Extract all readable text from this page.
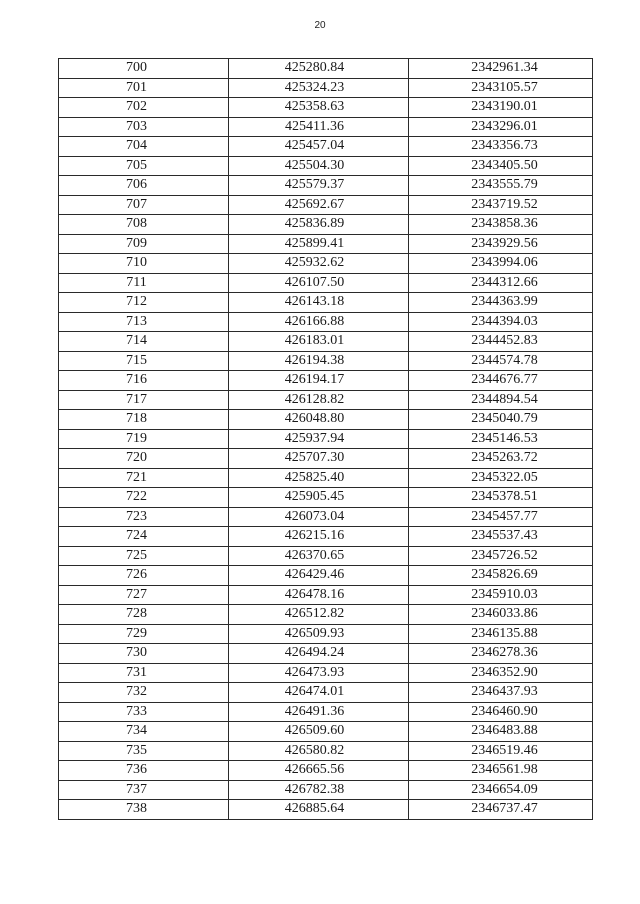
20
700	425280.84	2342961.34
701	425324.23	2343105.57
702	425358.63	2343190.01
703	425411.36	2343296.01
704	425457.04	2343356.73
705	425504.30	2343405.50
706	425579.37	2343555.79
707	425692.67	2343719.52
708	425836.89	2343858.36
709	425899.41	2343929.56
710	425932.62	2343994.06
711	426107.50	2344312.66
712	426143.18	2344363.99
713	426166.88	2344394.03
714	426183.01	2344452.83
715	426194.38	2344574.78
716	426194.17	2344676.77
717	426128.82	2344894.54
718	426048.80	2345040.79
719	425937.94	2345146.53
720	425707.30	2345263.72
721	425825.40	2345322.05
722	425905.45	2345378.51
723	426073.04	2345457.77
724	426215.16	2345537.43
725	426370.65	2345726.52
726	426429.46	2345826.69
727	426478.16	2345910.03
728	426512.82	2346033.86
729	426509.93	2346135.88
730	426494.24	2346278.36
731	426473.93	2346352.90
732	426474.01	2346437.93
733	426491.36	2346460.90
734	426509.60	2346483.88
735	426580.82	2346519.46
736	426665.56	2346561.98
737	426782.38	2346654.09
738	426885.64	2346737.47
